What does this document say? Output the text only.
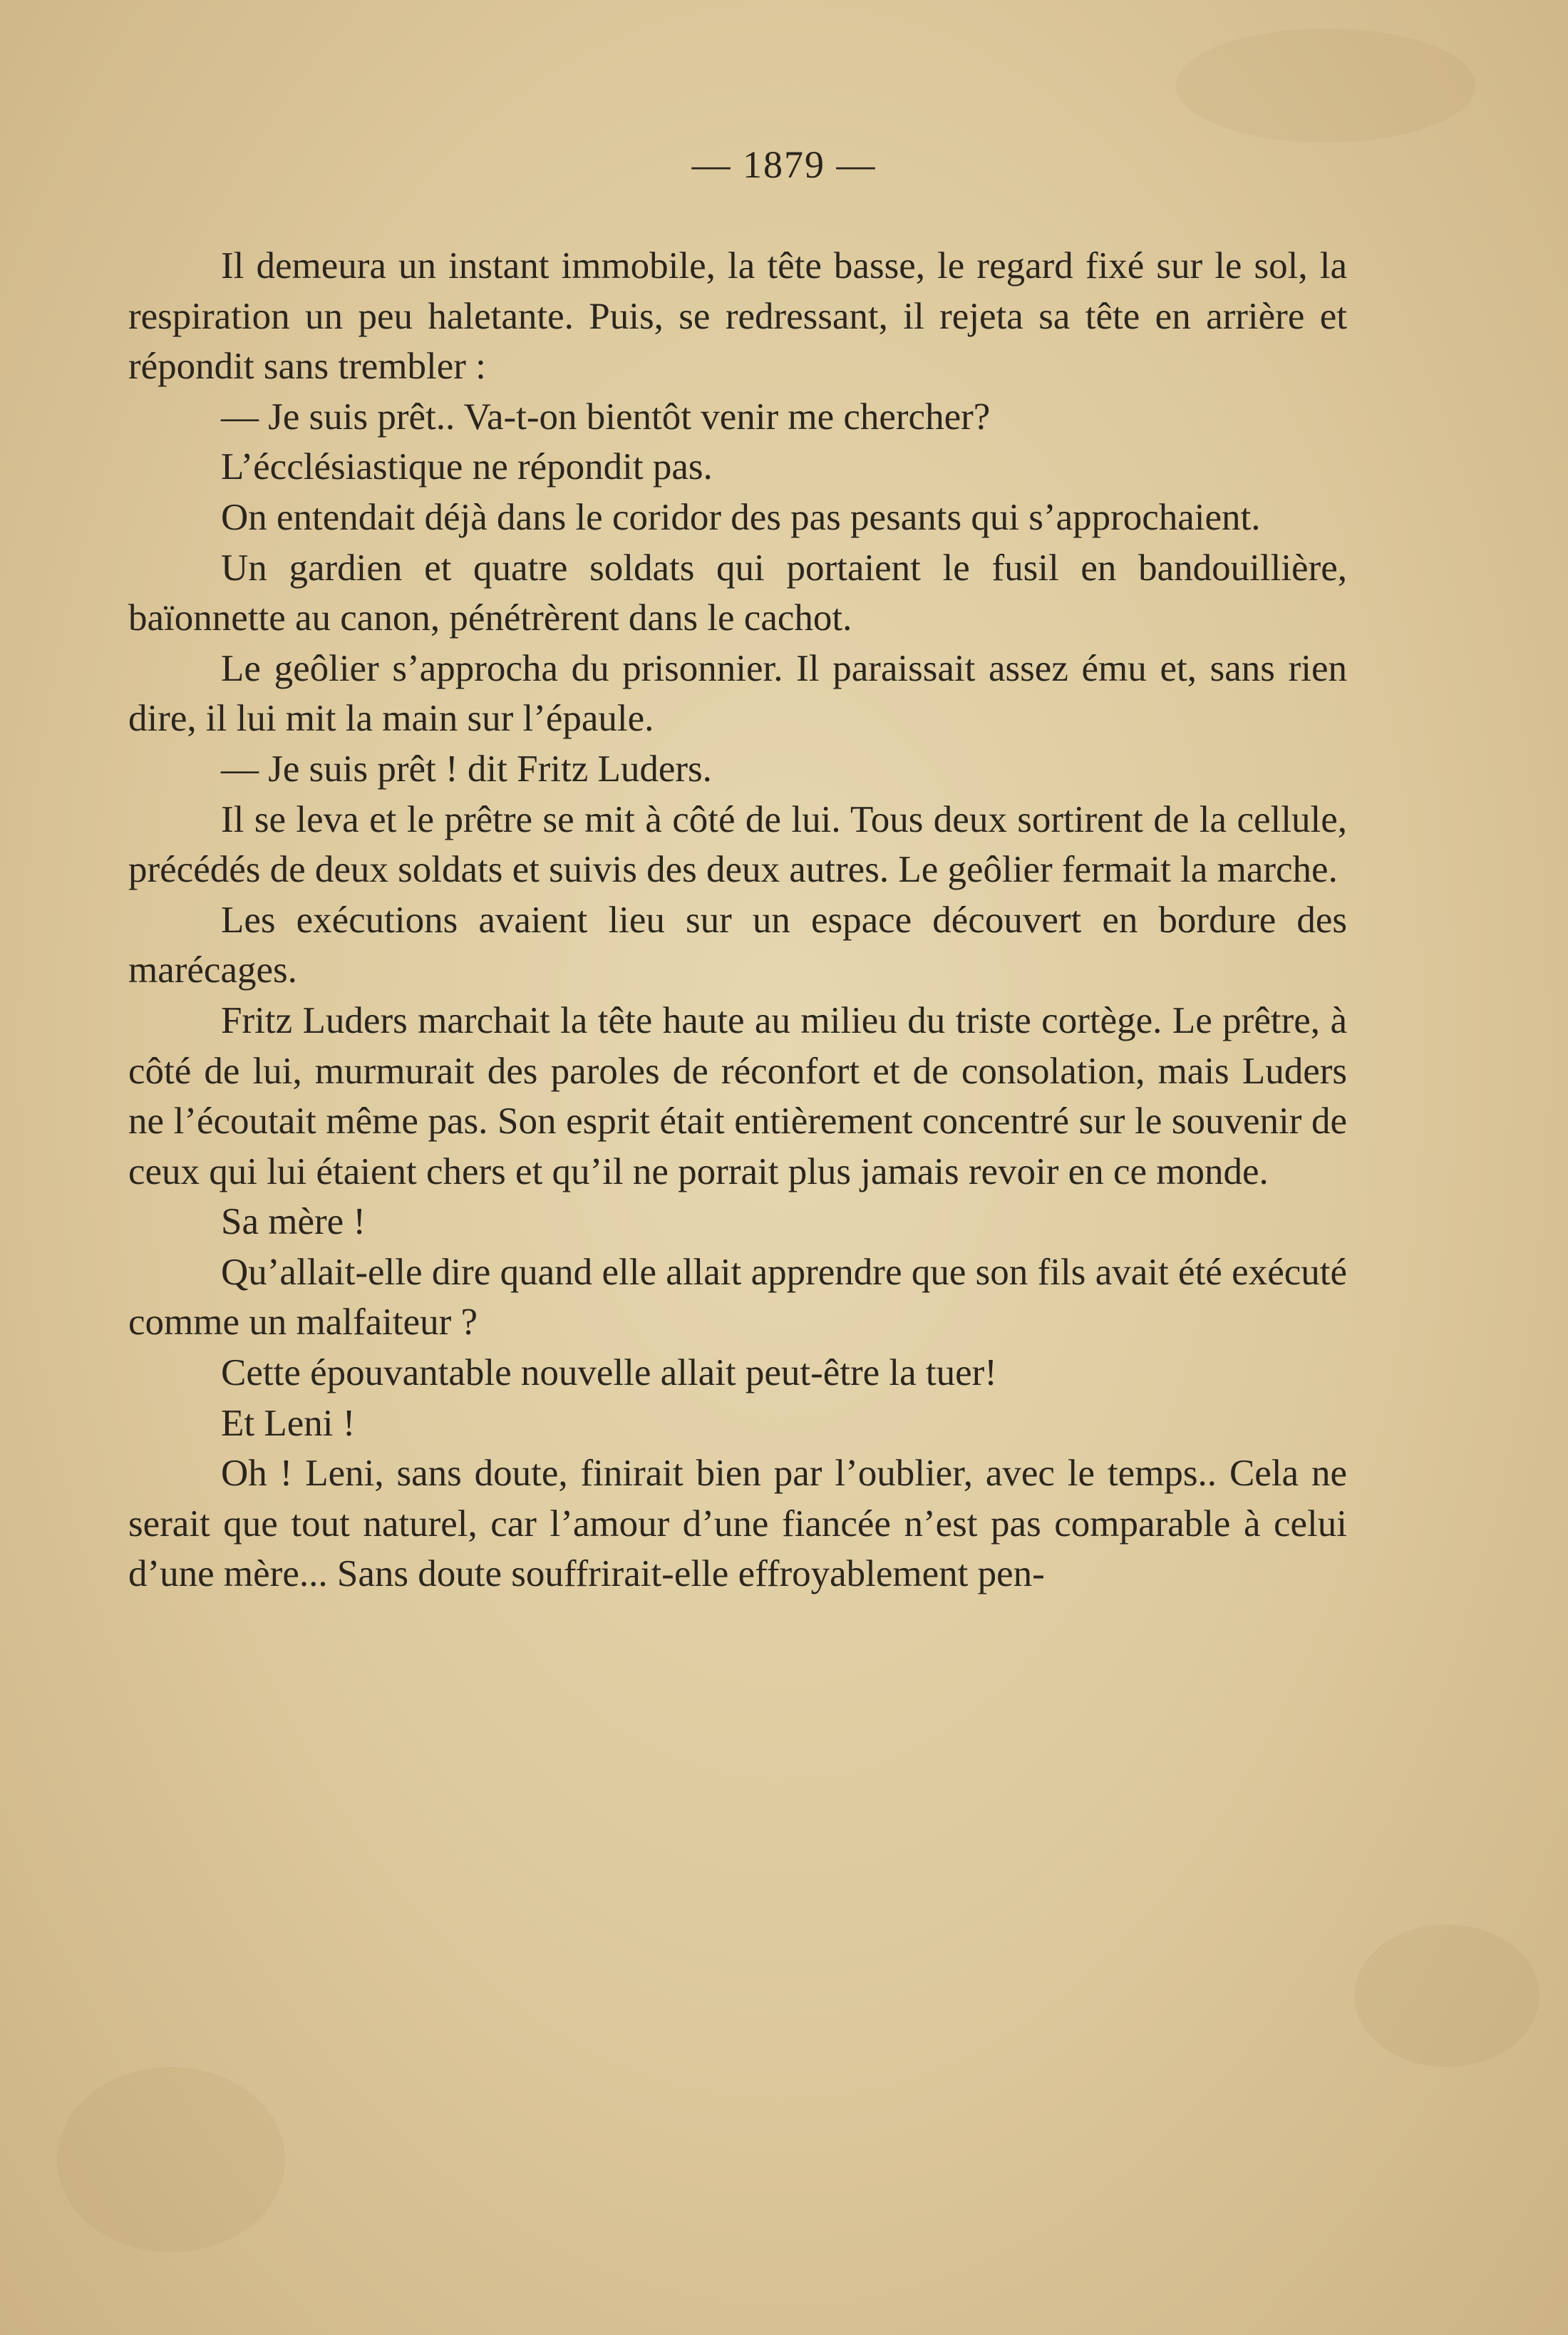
— 1879 —

Il demeura un instant immobile, la tête basse, le regard fixé sur le sol, la respiration un peu haletante. Puis, se redressant, il rejeta sa tête en arrière et répondit sans trembler :

— Je suis prêt.. Va-t-on bientôt venir me chercher?

L’écclésiastique ne répondit pas.

On entendait déjà dans le coridor des pas pesants qui s’approchaient.

Un gardien et quatre soldats qui portaient le fusil en bandouillière, baïonnette au canon, pénétrèrent dans le cachot.

Le geôlier s’approcha du prisonnier. Il paraissait assez ému et, sans rien dire, il lui mit la main sur l’épaule.

— Je suis prêt ! dit Fritz Luders.

Il se leva et le prêtre se mit à côté de lui. Tous deux sortirent de la cellule, précédés de deux soldats et suivis des deux autres. Le geôlier fermait la marche.

Les exécutions avaient lieu sur un espace découvert en bordure des marécages.

Fritz Luders marchait la tête haute au milieu du triste cortège. Le prêtre, à côté de lui, murmurait des paroles de réconfort et de consolation, mais Luders ne l’écoutait même pas. Son esprit était entièrement concentré sur le souvenir de ceux qui lui étaient chers et qu’il ne porrait plus jamais revoir en ce monde.

Sa mère !

Qu’allait-elle dire quand elle allait apprendre que son fils avait été exécuté comme un malfaiteur ?

Cette épouvantable nouvelle allait peut-être la tuer!

Et Leni !

Oh ! Leni, sans doute, finirait bien par l’oublier, avec le temps.. Cela ne serait que tout naturel, car l’amour d’une fiancée n’est pas comparable à celui d’une mère... Sans doute souffrirait-elle effroyablement pen-
